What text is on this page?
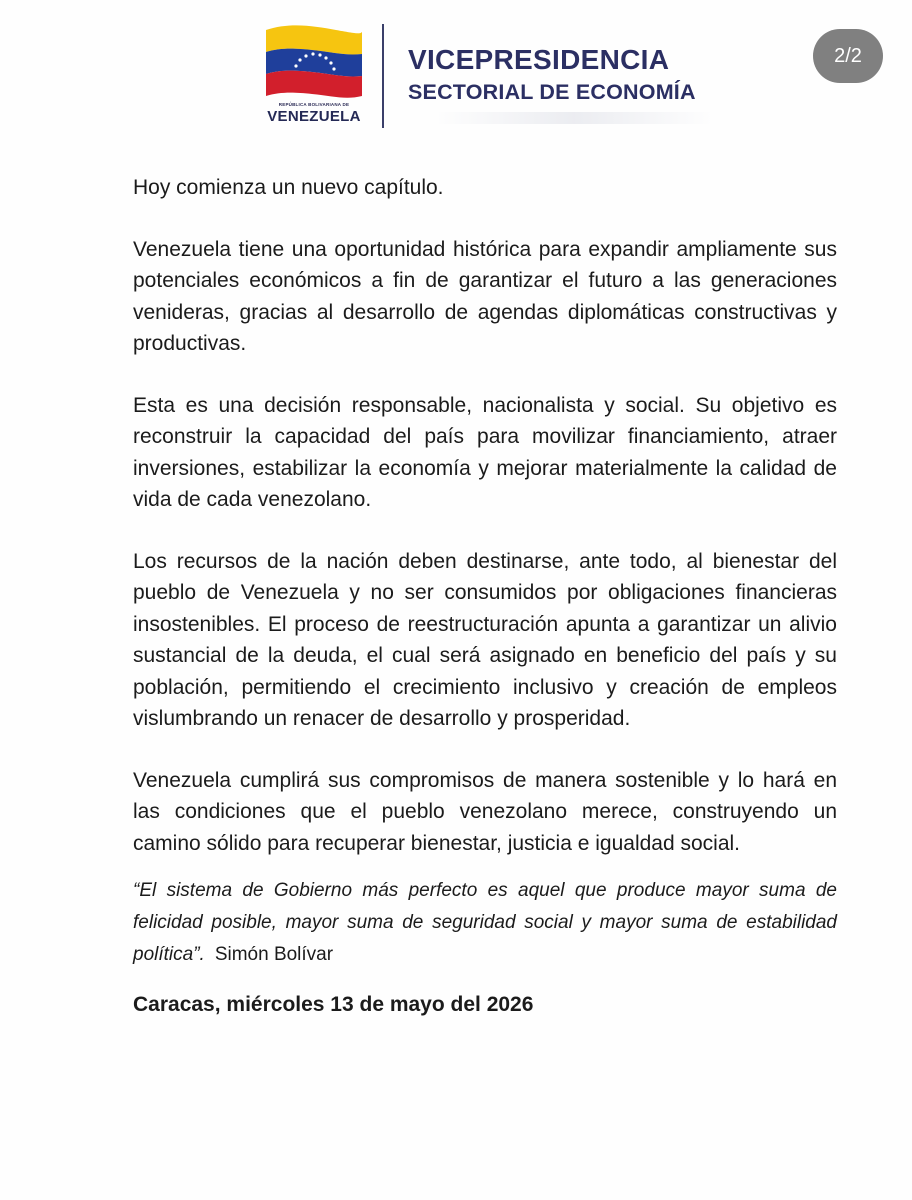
REPÚBLICA BOLIVARIANA DE
VENEZUELA
VICEPRESIDENCIA
SECTORIAL DE ECONOMÍA
2/2

Hoy comienza un nuevo capítulo.

Venezuela tiene una oportunidad histórica para expandir ampliamente sus potenciales económicos a fin de garantizar el futuro a las generaciones venideras, gracias al desarrollo de agendas diplomáticas constructivas y productivas.

Esta es una decisión responsable, nacionalista y social. Su objetivo es reconstruir la capacidad del país para movilizar financiamiento, atraer inversiones, estabilizar la economía y mejorar materialmente la calidad de vida de cada venezolano.

Los recursos de la nación deben destinarse, ante todo, al bienestar del pueblo de Venezuela y no ser consumidos por obligaciones financieras insostenibles. El proceso de reestructuración apunta a garantizar un alivio sustancial de la deuda, el cual será asignado en beneficio del país y su población, permitiendo el crecimiento inclusivo y creación de empleos vislumbrando un renacer de desarrollo y prosperidad.

Venezuela cumplirá sus compromisos de manera sostenible y lo hará en las condiciones que el pueblo venezolano merece, construyendo un camino sólido para recuperar bienestar, justicia e igualdad social.

“El sistema de Gobierno más perfecto es aquel que produce mayor suma de felicidad posible, mayor suma de seguridad social y mayor suma de estabilidad política”. Simón Bolívar

Caracas, miércoles 13 de mayo del 2026
